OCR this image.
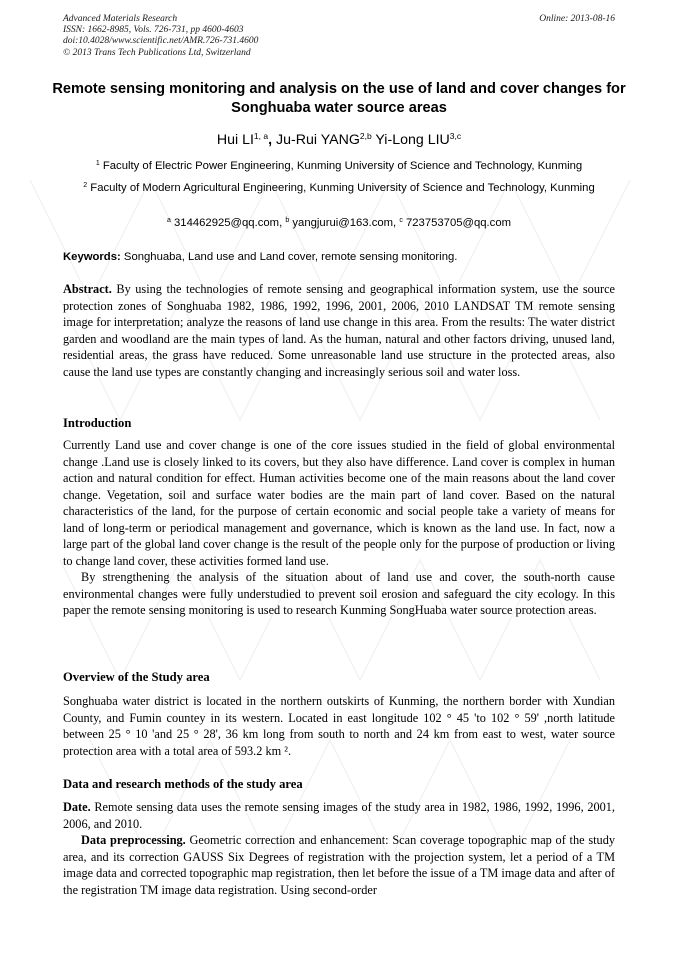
Advanced Materials Research
ISSN: 1662-8985, Vols. 726-731, pp 4600-4603
doi:10.4028/www.scientific.net/AMR.726-731.4600
© 2013 Trans Tech Publications Ltd, Switzerland
Online: 2013-08-16
Remote sensing monitoring and analysis on the use of land and cover changes for Songhuaba water source areas
Hui LI$^{1, a}$, Ju-Rui YANG$^{2,b}$ Yi-Long LIU$^{3,c}$
$^1$ Faculty of Electric Power Engineering, Kunming University of Science and Technology, Kunming
$^2$ Faculty of Modern Agricultural Engineering, Kunming University of Science and Technology, Kunming
$^a$ 314462925@qq.com, $^b$ yangjurui@163.com, $^c$ 723753705@qq.com
Keywords: Songhuaba, Land use and Land cover, remote sensing monitoring.

Abstract. By using the technologies of remote sensing and geographical information system, use the source protection zones of Songhuaba 1982, 1986, 1992, 1996, 2001, 2006, 2010 LANDSAT TM remote sensing image for interpretation; analyze the reasons of land use change in this area. From the results: The water district garden and woodland are the main types of land. As the human, natural and other factors driving, unused land, residential areas, the grass have reduced. Some unreasonable land use structure in the protected areas, also cause the land use types are constantly changing and increasingly serious soil and water loss.

Introduction

Currently Land use and cover change is one of the core issues studied in the field of global environmental change .Land use is closely linked to its covers, but they also have difference. Land cover is complex in human action and natural condition for effect. Human activities become one of the main reasons about the land cover change. Vegetation, soil and surface water bodies are the main part of land cover. Based on the natural characteristics of the land, for the purpose of certain economic and social people take a variety of means for land of long-term or periodical management and governance, which is known as the land use. In fact, now a large part of the global land cover change is the result of the people only for the purpose of production or living to change land cover, these activities formed land use.

By strengthening the analysis of the situation about of land use and cover, the south-north cause environmental changes were fully understudied to prevent soil erosion and safeguard the city ecology. In this paper the remote sensing monitoring is used to research Kunming SongHuaba water source protection areas.

Overview of the Study area

Songhuaba water district is located in the northern outskirts of Kunming, the northern border with Xundian County, and Fumin countey in its western. Located in east longitude 102 ° 45 'to 102 ° 59' ,north latitude between 25 ° 10 'and 25 ° 28', 36 km long from south to north and 24 km from east to west, water source protection area with a total area of 593.2 km ².

Data and research methods of the study area

Date. Remote sensing data uses the remote sensing images of the study area in 1982, 1986, 1992, 1996, 2001, 2006, and 2010.

Data preprocessing. Geometric correction and enhancement: Scan coverage topographic map of the study area, and its correction GAUSS Six Degrees of registration with the projection system, let a period of a TM image data and corrected topographic map registration, then let before the issue of a TM image data and after of the registration TM image data registration. Using second-order
